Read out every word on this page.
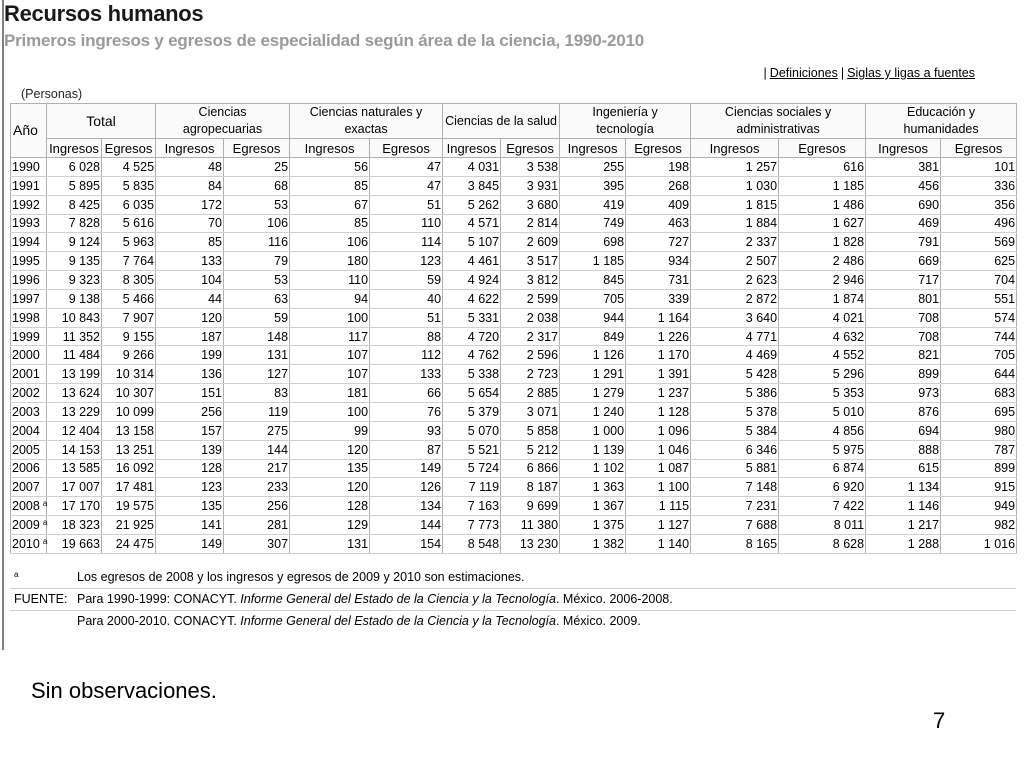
Recursos humanos
Primeros ingresos y egresos de especialidad según área de la ciencia, 1990-2010
| Definiciones | Siglas y ligas a fuentes
(Personas)
Año	Total		Ciencias agropecuarias		Ciencias naturales y exactas		Ciencias de la salud		Ingeniería y tecnología		Ciencias sociales y administrativas		Educación y humanidades	
	Ingresos	Egresos	Ingresos	Egresos	Ingresos	Egresos	Ingresos	Egresos	Ingresos	Egresos	Ingresos	Egresos	Ingresos	Egresos
1990	6 028	4 525	48	25	56	47	4 031	3 538	255	198	1 257	616	381	101
1991	5 895	5 835	84	68	85	47	3 845	3 931	395	268	1 030	1 185	456	336
1992	8 425	6 035	172	53	67	51	5 262	3 680	419	409	1 815	1 486	690	356
1993	7 828	5 616	70	106	85	110	4 571	2 814	749	463	1 884	1 627	469	496
1994	9 124	5 963	85	116	106	114	5 107	2 609	698	727	2 337	1 828	791	569
1995	9 135	7 764	133	79	180	123	4 461	3 517	1 185	934	2 507	2 486	669	625
1996	9 323	8 305	104	53	110	59	4 924	3 812	845	731	2 623	2 946	717	704
1997	9 138	5 466	44	63	94	40	4 622	2 599	705	339	2 872	1 874	801	551
1998	10 843	7 907	120	59	100	51	5 331	2 038	944	1 164	3 640	4 021	708	574
1999	11 352	9 155	187	148	117	88	4 720	2 317	849	1 226	4 771	4 632	708	744
2000	11 484	9 266	199	131	107	112	4 762	2 596	1 126	1 170	4 469	4 552	821	705
2001	13 199	10 314	136	127	107	133	5 338	2 723	1 291	1 391	5 428	5 296	899	644
2002	13 624	10 307	151	83	181	66	5 654	2 885	1 279	1 237	5 386	5 353	973	683
2003	13 229	10 099	256	119	100	76	5 379	3 071	1 240	1 128	5 378	5 010	876	695
2004	12 404	13 158	157	275	99	93	5 070	5 858	1 000	1 096	5 384	4 856	694	980
2005	14 153	13 251	139	144	120	87	5 521	5 212	1 139	1 046	6 346	5 975	888	787
2006	13 585	16 092	128	217	135	149	5 724	6 866	1 102	1 087	5 881	6 874	615	899
2007	17 007	17 481	123	233	120	126	7 119	8 187	1 363	1 100	7 148	6 920	1 134	915
2008 $^a$	17 170	19 575	135	256	128	134	7 163	9 699	1 367	1 115	7 231	7 422	1 146	949
2009 $^a$	18 323	21 925	141	281	129	144	7 773	11 380	1 375	1 127	7 688	8 011	1 217	982
2010 $^a$	19 663	24 475	149	307	131	154	8 548	13 230	1 382	1 140	8 165	8 628	1 288	1 016
$^a$	Los egresos de 2008 y los ingresos y egresos de 2009 y 2010 son estimaciones.
FUENTE:	Para 1990-1999: CONACYT. Informe General del Estado de la Ciencia y la Tecnología. México. 2006-2008.
	Para 2000-2010. CONACYT. Informe General del Estado de la Ciencia y la Tecnología. México. 2009.
Sin observaciones.
7
